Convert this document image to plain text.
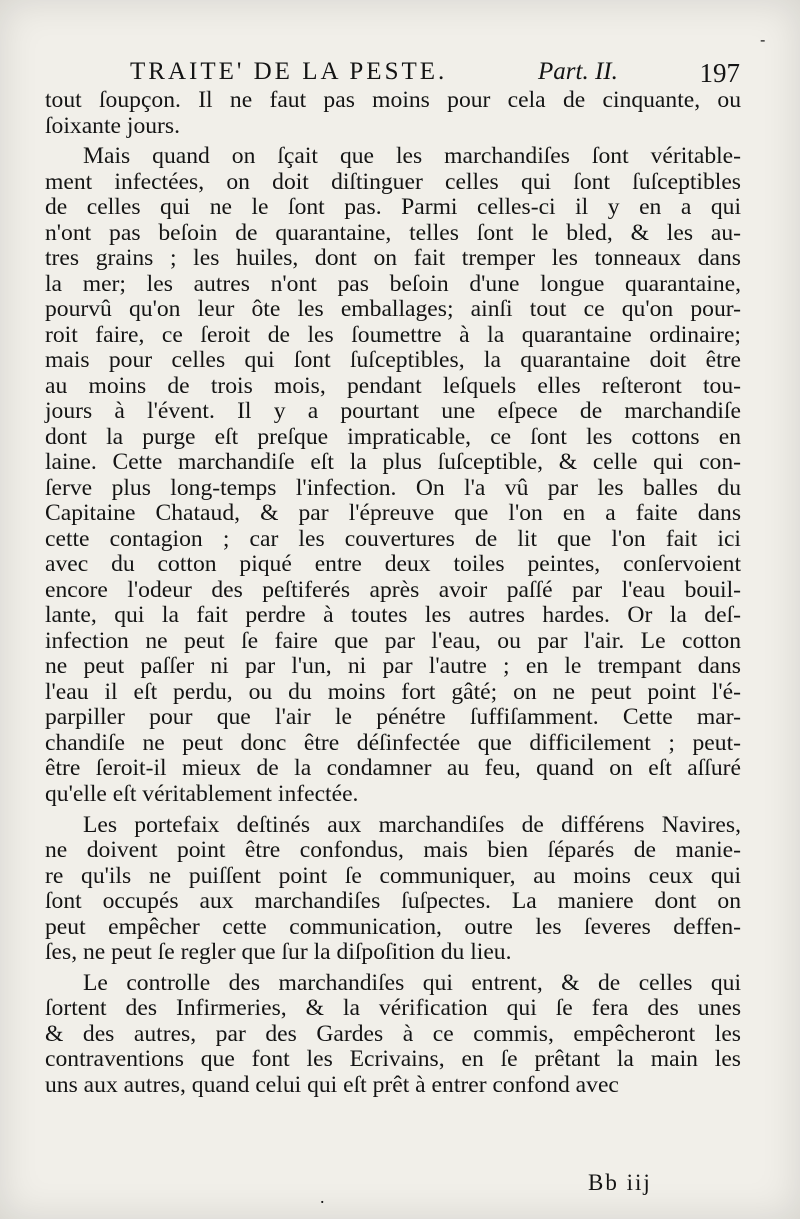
-
TRAITE' DE LA PESTE.	Part. II.	197
tout ſoupçon. Il ne faut pas moins pour cela de cinquante, ou
ſoixante jours.
Mais quand on ſçait que les marchandiſes ſont véritable-
ment infectées, on doit diſtinguer celles qui ſont ſuſceptibles
de celles qui ne le ſont pas. Parmi celles-ci il y en a qui
n'ont pas beſoin de quarantaine, telles ſont le bled, & les au-
tres grains ; les huiles, dont on fait tremper les tonneaux dans
la mer; les autres n'ont pas beſoin d'une longue quarantaine,
pourvû qu'on leur ôte les emballages; ainſi tout ce qu'on pour-
roit faire, ce ſeroit de les ſoumettre à la quarantaine ordinaire;
mais pour celles qui ſont ſuſceptibles, la quarantaine doit être
au moins de trois mois, pendant leſquels elles reſteront tou-
jours à l'évent. Il y a pourtant une eſpece de marchandiſe
dont la purge eſt preſque impraticable, ce ſont les cottons en
laine. Cette marchandiſe eſt la plus ſuſceptible, & celle qui con-
ſerve plus long-temps l'infection. On l'a vû par les balles du
Capitaine Chataud, & par l'épreuve que l'on en a faite dans
cette contagion ; car les couvertures de lit que l'on fait ici
avec du cotton piqué entre deux toiles peintes, conſervoient
encore l'odeur des peſtiferés après avoir paſſé par l'eau bouil-
lante, qui la fait perdre à toutes les autres hardes. Or la deſ-
infection ne peut ſe faire que par l'eau, ou par l'air. Le cotton
ne peut paſſer ni par l'un, ni par l'autre ; en le trempant dans
l'eau il eſt perdu, ou du moins fort gâté; on ne peut point l'é-
parpiller pour que l'air le pénétre ſuffiſamment. Cette mar-
chandiſe ne peut donc être déſinfectée que difficilement ; peut-
être ſeroit-il mieux de la condamner au feu, quand on eſt aſſuré
qu'elle eſt véritablement infectée.
Les portefaix deſtinés aux marchandiſes de différens Navires,
ne doivent point être confondus, mais bien ſéparés de manie-
re qu'ils ne puiſſent point ſe communiquer, au moins ceux qui
ſont occupés aux marchandiſes ſuſpectes. La maniere dont on
peut empêcher cette communication, outre les ſeveres deffen-
ſes, ne peut ſe regler que ſur la diſpoſition du lieu.
Le controlle des marchandiſes qui entrent, & de celles qui
ſortent des Infirmeries, & la vérification qui ſe fera des unes
& des autres, par des Gardes à ce commis, empêcheront les
contraventions que font les Ecrivains, en ſe prêtant la main les
uns aux autres, quand celui qui eſt prêt à entrer confond avec
.
Bb iij
